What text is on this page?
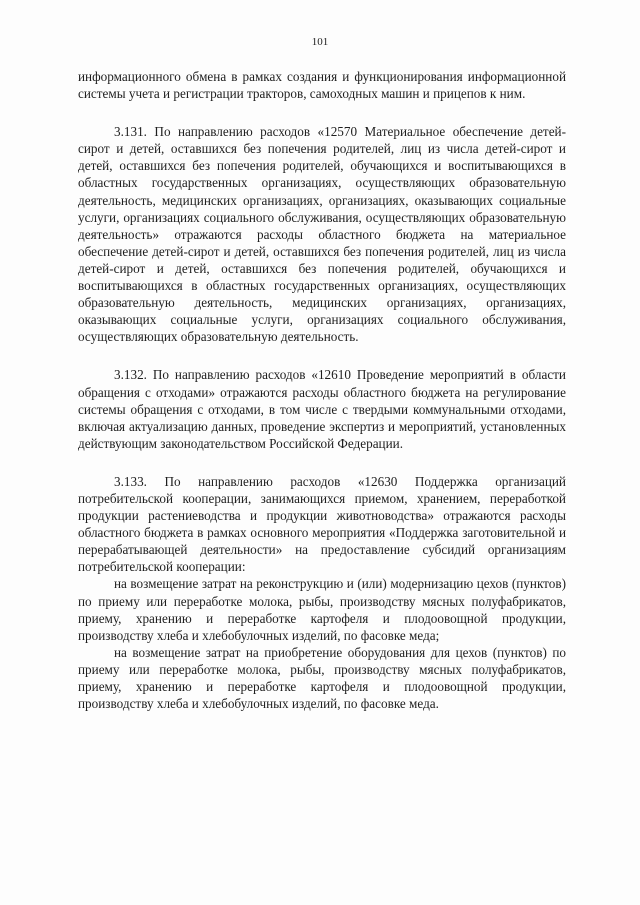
101

информационного обмена в рамках создания и функционирования информационной системы учета и регистрации тракторов, самоходных машин и прицепов к ним.

3.131. По направлению расходов «12570 Материальное обеспечение детей-сирот и детей, оставшихся без попечения родителей, лиц из числа детей-сирот и детей, оставшихся без попечения родителей, обучающихся и воспитывающихся в областных государственных организациях, осуществляющих образовательную деятельность, медицинских организациях, организациях, оказывающих социальные услуги, организациях социального обслуживания, осуществляющих образовательную деятельность» отражаются расходы областного бюджета на материальное обеспечение детей-сирот и детей, оставшихся без попечения родителей, лиц из числа детей-сирот и детей, оставшихся без попечения родителей, обучающихся и воспитывающихся в областных государственных организациях, осуществляющих образовательную деятельность, медицинских организациях, организациях, оказывающих социальные услуги, организациях социального обслуживания, осуществляющих образовательную деятельность.

3.132. По направлению расходов «12610 Проведение мероприятий в области обращения с отходами» отражаются расходы областного бюджета на регулирование системы обращения с отходами, в том числе с твердыми коммунальными отходами, включая актуализацию данных, проведение экспертиз и мероприятий, установленных действующим законодательством Российской Федерации.

3.133. По направлению расходов «12630 Поддержка организаций потребительской кооперации, занимающихся приемом, хранением, переработкой продукции растениеводства и продукции животноводства» отражаются расходы областного бюджета в рамках основного мероприятия «Поддержка заготовительной и перерабатывающей деятельности» на предоставление субсидий организациям потребительской кооперации:

на возмещение затрат на реконструкцию и (или) модернизацию цехов (пунктов) по приему или переработке молока, рыбы, производству мясных полуфабрикатов, приему, хранению и переработке картофеля и плодоовощной продукции, производству хлеба и хлебобулочных изделий, по фасовке меда;

на возмещение затрат на приобретение оборудования для цехов (пунктов) по приему или переработке молока, рыбы, производству мясных полуфабрикатов, приему, хранению и переработке картофеля и плодоовощной продукции, производству хлеба и хлебобулочных изделий, по фасовке меда.
